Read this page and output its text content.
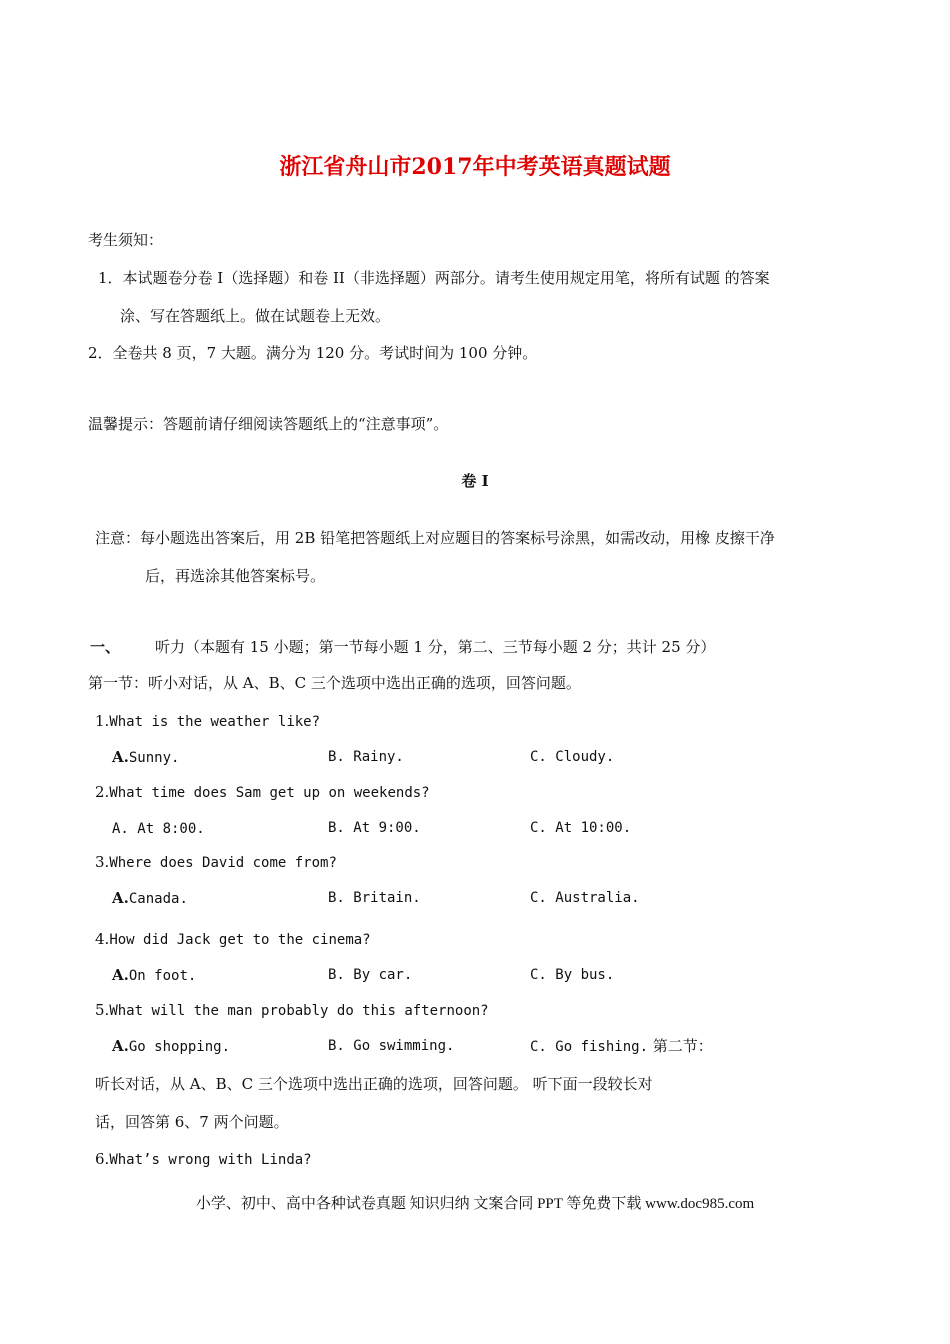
浙江省舟山市2017年中考英语真题试题
考生须知：
1．本试题卷分卷 I（选择题）和卷 II（非选择题）两部分。请考生使用规定用笔，将所有试题 的答案
涂、写在答题纸上。做在试题卷上无效。
2．全卷共 8 页，7 大题。满分为 120 分。考试时间为 100 分钟。
温馨提示：答题前请仔细阅读答题纸上的“注意事项”。
卷 I
注意：每小题选出答案后，用 2B 铅笔把答题纸上对应题目的答案标号涂黑，如需改动，用橡 皮擦干净
后，再选涂其他答案标号。
一、 听力（本题有 15 小题；第一节每小题 1 分，第二、三节每小题 2 分；共计 25 分）
第一节：听小对话，从 A、B、C 三个选项中选出正确的选项，回答问题。
1.What is the weather like?
A.Sunny.	B. Rainy.	C. Cloudy.
2.What time does Sam get up on weekends?
A. At 8:00.	B. At 9:00.	C. At 10:00.
3.Where does David come from?
A.Canada.	B. Britain.	C. Australia.
4.How did Jack get to the cinema?
A.On foot.	B. By car.	C. By bus.
5.What will the man probably do this afternoon?
A.Go shopping.	B. Go swimming.	C. Go fishing. 第二节：
听长对话，从 A、B、C 三个选项中选出正确的选项，回答问题。 听下面一段较长对
话，回答第 6、7 两个问题。
6.What’s wrong with Linda?
小学、初中、高中各种试卷真题 知识归纳 文案合同 PPT 等免费下载 www.doc985.com
